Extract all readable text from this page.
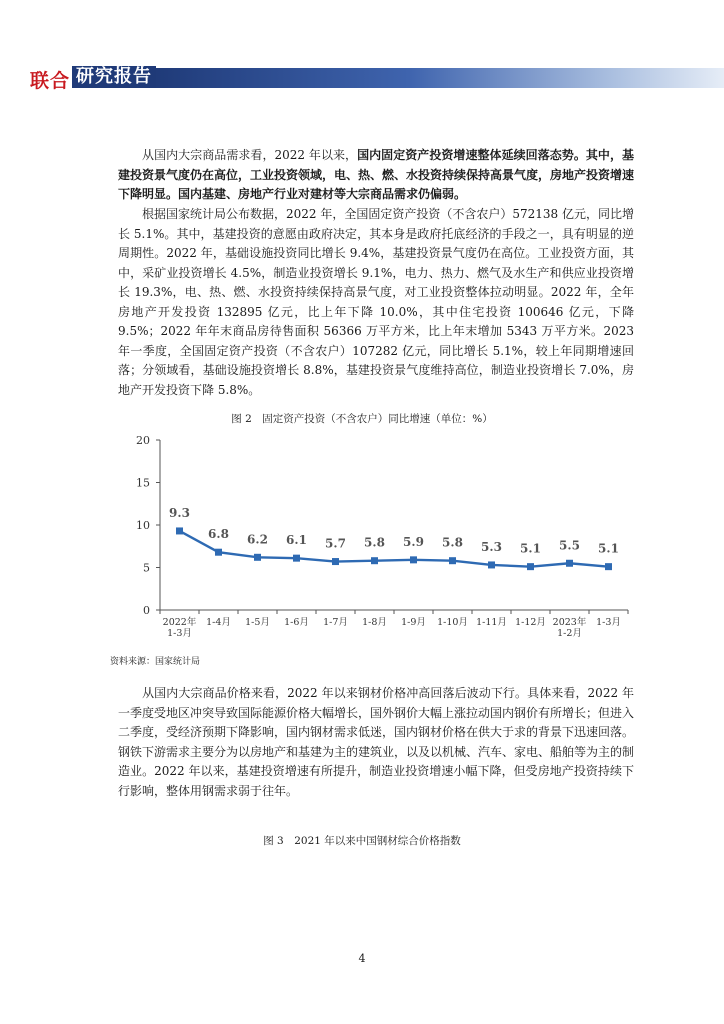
联合 研究报告

从国内大宗商品需求看，2022 年以来，国内固定资产投资增速整体延续回落态势。其中，基建投资景气度仍在高位，工业投资领域，电、热、燃、水投资持续保持高景气度，房地产投资增速下降明显。国内基建、房地产行业对建材等大宗商品需求仍偏弱。

根据国家统计局公布数据，2022 年，全国固定资产投资（不含农户）572138 亿元，同比增长 5.1%。其中，基建投资的意愿由政府决定，其本身是政府托底经济的手段之一，具有明显的逆周期性。2022 年，基础设施投资同比增长 9.4%，基建投资景气度仍在高位。工业投资方面，其中，采矿业投资增长 4.5%，制造业投资增长 9.1%，电力、热力、燃气及水生产和供应业投资增长 19.3%，电、热、燃、水投资持续保持高景气度，对工业投资整体拉动明显。2022 年，全年房地产开发投资 132895 亿元，比上年下降 10.0%，其中住宅投资 100646 亿元，下降 9.5%；2022 年年末商品房待售面积 56366 万平方米，比上年末增加 5343 万平方米。2023 年一季度，全国固定资产投资（不含农户）107282 亿元，同比增长 5.1%，较上年同期增速回落；分领域看，基础设施投资增长 8.8%，基建投资景气度维持高位，制造业投资增长 7.0%，房地产开发投资下降 5.8%。

图 2　固定资产投资（不含农户）同比增速（单位：%）
0
5
10
15
20
2022年 1-3月
1-4月 1-5月 1-6月 1-7月 1-8月 1-9月 1-10月 1-11月 1-12月 2023年 1-2月
1-3月
9.3
6.8 6.2 6.1 5.7 5.8 5.9 5.8 5.3 5.1 5.5 5.1
资料来源：国家统计局

从国内大宗商品价格来看，2022 年以来钢材价格冲高回落后波动下行。具体来看，2022 年一季度受地区冲突导致国际能源价格大幅增长，国外钢价大幅上涨拉动国内钢价有所增长；但进入二季度，受经济预期下降影响，国内钢材需求低迷，国内钢材价格在供大于求的背景下迅速回落。钢铁下游需求主要分为以房地产和基建为主的建筑业，以及以机械、汽车、家电、船舶等为主的制造业。2022 年以来，基建投资增速有所提升，制造业投资增速小幅下降，但受房地产投资持续下行影响，整体用钢需求弱于往年。

图 3　2021 年以来中国钢材综合价格指数
4
